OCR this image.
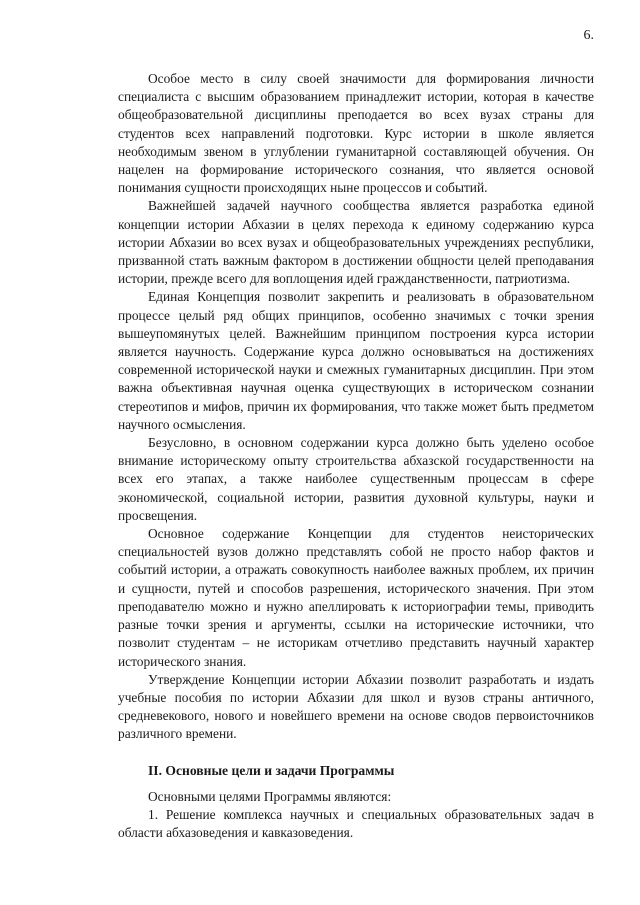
6.

Особое место в силу своей значимости для формирования личности специалиста с высшим образованием принадлежит истории, которая в качестве общеобразовательной дисциплины преподается во всех вузах страны для студентов всех направлений подготовки. Курс истории в школе является необходимым звеном в углублении гуманитарной составляющей обучения. Он нацелен на формирование исторического сознания, что является основой понимания сущности происходящих ныне процессов и событий.

Важнейшей задачей научного сообщества является разработка единой концепции истории Абхазии в целях перехода к единому содержанию курса истории Абхазии во всех вузах и общеобразовательных учреждениях республики, призванной стать важным фактором в достижении общности целей преподавания истории, прежде всего для воплощения идей гражданственности, патриотизма.

Единая Концепция позволит закрепить и реализовать в образовательном процессе целый ряд общих принципов, особенно значимых с точки зрения вышеупомянутых целей. Важнейшим принципом построения курса истории является научность. Содержание курса должно основываться на достижениях современной исторической науки и смежных гуманитарных дисциплин. При этом важна объективная научная оценка существующих в историческом сознании стереотипов и мифов, причин их формирования, что также может быть предметом научного осмысления.

Безусловно, в основном содержании курса должно быть уделено особое внимание историческому опыту строительства абхазской государственности на всех его этапах, а также наиболее существенным процессам в сфере экономической, социальной истории, развития духовной культуры, науки и просвещения.

Основное содержание Концепции для студентов неисторических специальностей вузов должно представлять собой не просто набор фактов и событий истории, а отражать совокупность наиболее важных проблем, их причин и сущности, путей и способов разрешения, исторического значения. При этом преподавателю можно и нужно апеллировать к историографии темы, приводить разные точки зрения и аргументы, ссылки на исторические источники, что позволит студентам – не историкам отчетливо представить научный характер исторического знания.

Утверждение Концепции истории Абхазии позволит разработать и издать учебные пособия по истории Абхазии для школ и вузов страны античного, средневекового, нового и новейшего времени на основе сводов первоисточников различного времени.

II. Основные цели и задачи Программы

Основными целями Программы являются:

1. Решение комплекса научных и специальных образовательных задач в области абхазоведения и кавказоведения.
